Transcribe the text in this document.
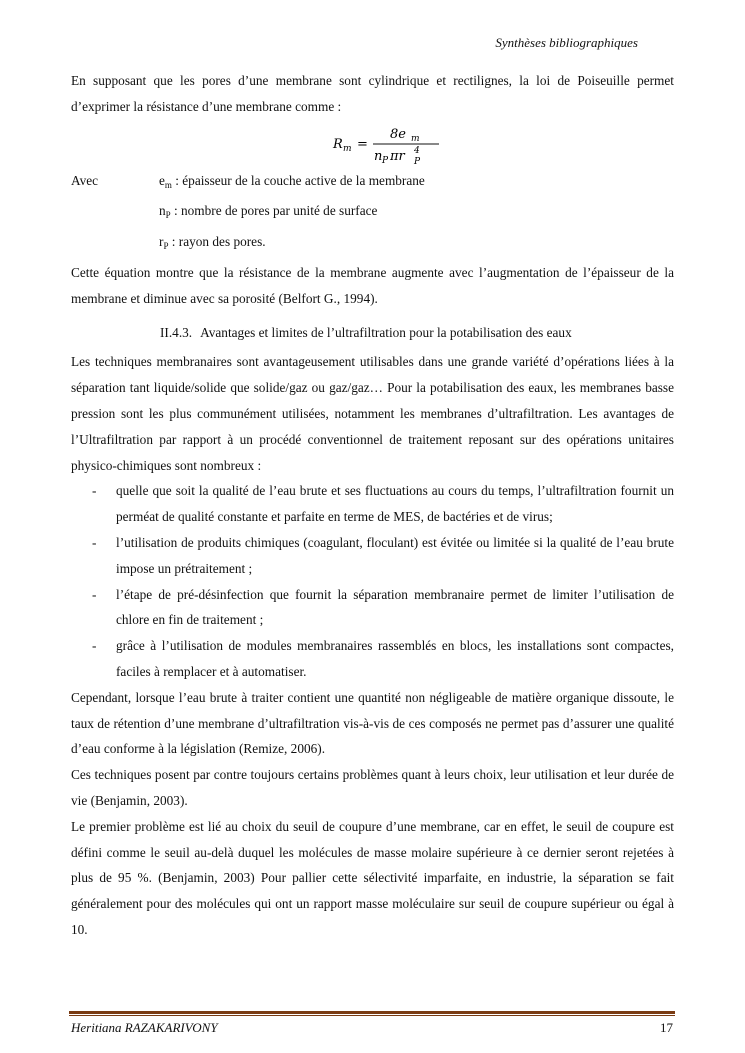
Synthèses bibliographiques

En supposant que les pores d’une membrane sont cylindrique et rectilignes, la loi de Poiseuille permet d’exprimer la résistance d’une membrane comme :

R m =
8e m
n P πr P
4
Avec	$e_m$ : épaisseur de la couche active de la membrane
$n_P$ : nombre de pores par unité de surface
$r_P$ : rayon des pores.

Cette équation montre que la résistance de la membrane augmente avec l’augmentation de l’épaisseur de la membrane et diminue avec sa porosité (Belfort G., 1994).

II.4.3. Avantages et limites de l’ultrafiltration pour la potabilisation des eaux

Les techniques membranaires sont avantageusement utilisables dans une grande variété d’opérations liées à la séparation tant liquide/solide que solide/gaz ou gaz/gaz… Pour la potabilisation des eaux, les membranes basse pression sont les plus communément utilisées, notamment les membranes d’ultrafiltration. Les avantages de l’Ultrafiltration par rapport à un procédé conventionnel de traitement reposant sur des opérations unitaires physico-chimiques sont nombreux :

- quelle que soit la qualité de l’eau brute et ses fluctuations au cours du temps, l’ultrafiltration fournit un perméat de qualité constante et parfaite en terme de MES, de bactéries et de virus;
- l’utilisation de produits chimiques (coagulant, floculant) est évitée ou limitée si la qualité de l’eau brute impose un prétraitement ;
- l’étape de pré-désinfection que fournit la séparation membranaire permet de limiter l’utilisation de chlore en fin de traitement ;
- grâce à l’utilisation de modules membranaires rassemblés en blocs, les installations sont compactes, faciles à remplacer et à automatiser.

Cependant, lorsque l’eau brute à traiter contient une quantité non négligeable de matière organique dissoute, le taux de rétention d’une membrane d’ultrafiltration vis-à-vis de ces composés ne permet pas d’assurer une qualité d’eau conforme à la législation (Remize, 2006).

Ces techniques posent par contre toujours certains problèmes quant à leurs choix, leur utilisation et leur durée de vie (Benjamin, 2003).

Le premier problème est lié au choix du seuil de coupure d’une membrane, car en effet, le seuil de coupure est défini comme le seuil au-delà duquel les molécules de masse molaire supérieure à ce dernier seront rejetées à plus de 95 %. (Benjamin, 2003) Pour pallier cette sélectivité imparfaite, en industrie, la séparation se fait généralement pour des molécules qui ont un rapport masse moléculaire sur seuil de coupure supérieur ou égal à 10.

Heritiana RAZAKARIVONY	17
